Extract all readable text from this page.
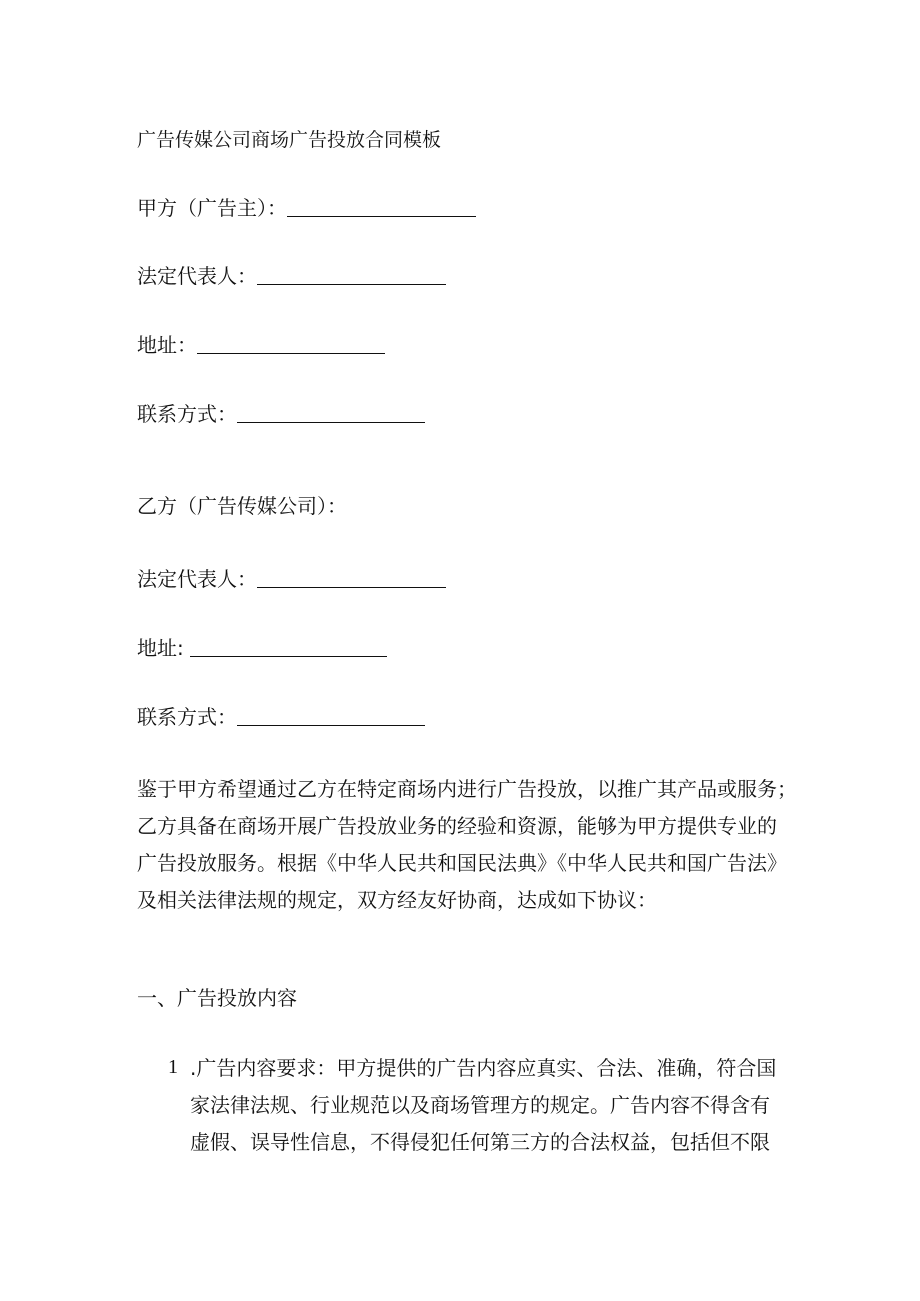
广告传媒公司商场广告投放合同模板
甲方（广告主）：
法定代表人：
地址：
联系方式：
乙方（广告传媒公司）：
法定代表人：
地址:
联系方式：
鉴于甲方希望通过乙方在特定商场内进行广告投放，以推广其产品或服务；
乙方具备在商场开展广告投放业务的经验和资源，能够为甲方提供专业的
广告投放服务。根据《中华人民共和国民法典》《中华人民共和国广告法》
及相关法律法规的规定，双方经友好协商，达成如下协议：
一、广告投放内容
1 .广告内容要求：甲方提供的广告内容应真实、合法、准确，符合国
家法律法规、行业规范以及商场管理方的规定。广告内容不得含有
虚假、误导性信息，不得侵犯任何第三方的合法权益，包括但不限
